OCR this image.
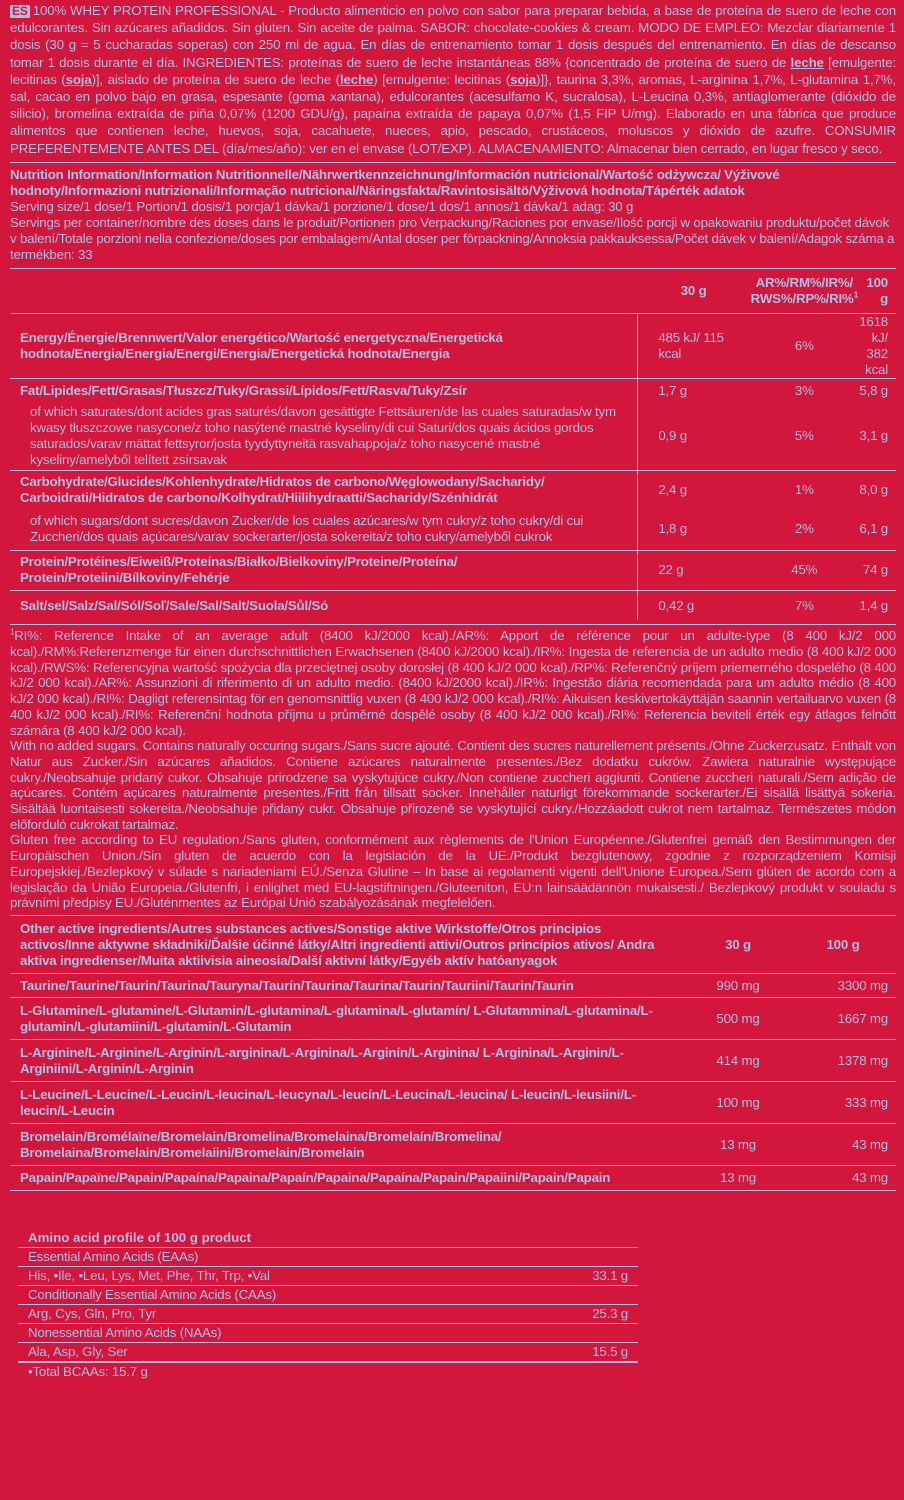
ES 100% WHEY PROTEIN PROFESSIONAL - Producto alimenticio en polvo con sabor para preparar bebida, a base de proteína de suero de leche con edulcorantes. Sin azúcares añadidos. Sin gluten. Sin aceite de palma. SABOR: chocolate-cookies & cream. MODO DE EMPLEO: Mezclar diariamente 1 dosis (30 g = 5 cucharadas soperas) con 250 ml de agua. En días de entrenamiento tomar 1 dosis después del entrenamiento. En días de descanso tomar 1 dosis durante el día. INGREDIENTES: proteínas de suero de leche instantáneas 88% {concentrado de proteína de suero de leche [emulgente: lecitinas (soja)], aislado de proteína de suero de leche (leche) [emulgente: lecitinas (soja)]}, taurina 3,3%, aromas, L-arginina 1,7%, L-glutamina 1,7%, sal, cacao en polvo bajo en grasa, espesante (goma xantana), edulcorantes (acesulfamo K, sucralosa), L-Leucina 0,3%, antiaglomerante (dióxido de silicio), bromelina extraída de piña 0,07% (1200 GDU/g), papaína extraída de papaya 0,07% (1,5 FIP U/mg). Elaborado en una fábrica que produce alimentos que contienen leche, huevos, soja, cacahuete, nueces, apio, pescado, crustáceos, moluscos y dióxido de azufre. CONSUMIR PREFERENTEMENTE ANTES DEL (día/mes/año): ver en el envase (LOT/EXP). ALMACENAMIENTO: Almacenar bien cerrado, en lugar fresco y seco.
Nutrition Information/Information Nutritionnelle/Nährwertkennzeichnung/Información nutricional/Wartość odżywcza/ Výživové hodnoty/Informazioni nutrizionali/Informação nutricional/Näringsfakta/Ravintosisältö/Výživová hodnota/Tápérték adatok
Serving size/1 dose/1 Portion/1 dosis/1 porcja/1 dávka/1 porzione/1 dose/1 dos/1 annos/1 dávka/1 adag: 30 g
Servings per container/nombre des doses dans le produit/Portionen pro Verpackung/Raciones por envase/Ilość porcji w opakowaniu produktu/počet dávok v balení/Totale porzioni nella confezione/doses por embalagem/Antal doser per förpackning/Annoksia pakkauksessa/Počet dávek v balení/Adagok száma a termékben: 33
	30 g	AR%/RM%/IR%/ RWS%/RP%/RI%$^1$	100 g
Energy/Énergie/Brennwert/Valor energético/Wartość energetyczna/Energetická hodnota/Energia/Energia/Energi/Energia/Energetická hodnota/Energia	485 kJ/ 115 kcal	6%	1618 kJ/ 382 kcal
Fat/Lipides/Fett/Grasas/Tłuszcz/Tuky/Grassi/Lípidos/Fett/Rasva/Tuky/Zsír	1,7 g	3%	5,8 g
of which saturates/dont acides gras saturés/davon gesättigte Fettsäuren/de las cuales saturadas/w tym kwasy tłuszczowe nasycone/z toho nasýtené mastné kyseliny/di cui Saturi/dos quais ácidos gordos saturados/varav mättat fettsyror/josta tyydyttyneitä rasvahappoja/z toho nasycené mastné kyseliny/amelyből telített zsírsavak	0,9 g	5%	3,1 g
Carbohydrate/Glucides/Kohlenhydrate/Hidratos de carbono/Węglowodany/Sacharidy/ Carboidrati/Hidratos de carbono/Kolhydrat/Hiilihydraatti/Sacharidy/Szénhidrát	2,4 g	1%	8,0 g
of which sugars/dont sucres/davon Zucker/de los cuales azúcares/w tym cukry/z toho cukry/di cui Zuccheri/dos quais açúcares/varav sockerarter/josta sokereita/z toho cukry/amelyből cukrok	1,8 g	2%	6,1 g
Protein/Protéines/Eiweiß/Proteínas/Białko/Bielkoviny/Proteine/Proteína/ Protein/Proteiini/Bílkoviny/Fehérje	22 g	45%	74 g
Salt/sel/Salz/Sal/Sól/Soľ/Sale/Sal/Salt/Suola/Sůl/Só	0,42 g	7%	1,4 g
$^1$RI%: Reference Intake of an average adult (8400 kJ/2000 kcal)./AR%: Apport de référence pour un adulte-type (8 400 kJ/2 000 kcal)./RM%:Referenzmenge für einen durchschnittlichen Erwachsenen (8400 kJ/2000 kcal)./IR%: Ingesta de referencia de un adulto medio (8 400 kJ/2 000 kcal)./RWS%: Referencyjna wartość spożycia dla przeciętnej osoby dorosłej (8 400 kJ/2 000 kcal)./RP%: Referenčný príjem priemerného dospelého (8 400 kJ/2 000 kcal)./AR%: Assunzioni di riferimento di un adulto medio. (8400 kJ/2000 kcal)./IR%: Ingestão diária recomendada para um adulto médio (8 400 kJ/2 000 kcal)./RI%: Dagligt referensintag för en genomsnittlig vuxen (8 400 kJ/2 000 kcal)./RI%: Aikuisen keskivertokäyttäjän saannin vertailuarvo vuxen (8 400 kJ/2 000 kcal)./RI%: Referenční hodnota příjmu u průměrné dospělé osoby (8 400 kJ/2 000 kcal)./RI%: Referencia beviteli érték egy átlagos felnőtt számára (8 400 kJ/2 000 kcal).
With no added sugars. Contains naturally occuring sugars./Sans sucre ajouté. Contient des sucres naturellement présents./Ohne Zuckerzusatz. Enthält von Natur aus Zucker./Sin azúcares añadidos. Contiene azúcares naturalmente presentes./Bez dodatku cukrów. Zawiera naturalnie występujące cukry./Neobsahuje pridaný cukor. Obsahuje prirodzene sa vyskytujúce cukry./Non contiene zuccheri aggiunti. Contiene zuccheri naturali./Sem adição de açúcares. Contém açúcares naturalmente presentes./Fritt från tillsatt socker. Innehåller naturligt förekommande sockerarter./Ei sisällä lisättyä sokeria. Sisältää luontaisesti sokereita./Neobsahuje přidaný cukr. Obsahuje přirozeně se vyskytující cukry./Hozzáadott cukrot nem tartalmaz. Természetes módon előforduló cukrokat tartalmaz.
Gluten free according to EU regulation./Sans gluten, conformément aux règlements de l'Union Européenne./Glutenfrei gemäß den Bestimmungen der Europäischen Union./Sin gluten de acuerdo con la legislación de la UE./Produkt bezglutenowy, zgodnie z rozporządzeniem Komisji Europejskiej./Bezlepkový v súlade s nariadeniami EÚ./Senza Glutine – In base ai regolamenti vigenti dell'Unione Europea./Sem glúten de acordo com a legislação da União Europeia./Glutenfri, i enlighet med EU-lagstiftningen./Gluteeniton, EU:n lainsäädännön mukaisesti./ Bezlepkový produkt v souladu s právními předpisy EU./Gluténmentes az Európai Unió szabályozásának megfelelően.
Other active ingredients/Autres substances actives/Sonstige aktive Wirkstoffe/Otros principios activos/Inne aktywne składniki/Ďalšie účinné látky/Altri ingredienti attivi/Outros princípios ativos/ Andra aktiva ingredienser/Muita aktiivisia aineosia/Další aktivní látky/Egyéb aktív hatóanyagok	30 g	100 g
Taurine/Taurine/Taurin/Taurina/Tauryna/Taurín/Taurina/Taurina/Taurin/Tauriini/Taurin/Taurin	990 mg	3300 mg
L-Glutamine/L-glutamine/L-Glutamin/L-glutamina/L-glutamina/L-glutamín/ L-Glutammina/L-glutamina/L-glutamin/L-glutamiini/L-glutamin/L-Glutamin	500 mg	1667 mg
L-Arginine/L-Arginine/L-Arginin/L-arginina/L-Arginina/L-Arginín/L-Arginina/ L-Arginina/L-Arginin/L-Arginiini/L-Arginin/L-Arginin	414 mg	1378 mg
L-Leucine/L-Leucine/L-Leucin/L-leucina/L-leucyna/L-leucín/L-Leucina/L-leucina/ L-leucin/L-leusiini/L-leucin/L-Leucin	100 mg	333 mg
Bromelain/Bromélaïne/Bromelain/Bromelina/Bromelaina/Bromelaín/Bromelina/ Bromelaina/Bromelain/Bromelaiini/Bromelain/Bromelain	13 mg	43 mg
Papain/Papaïne/Papain/Papaína/Papaina/Papaín/Papaina/Papaína/Papain/Papaiini/Papain/Papain	13 mg	43 mg
Amino acid profile of 100 g product
Essential Amino Acids (EAAs)
His, •Ile, •Leu, Lys, Met, Phe, Thr, Trp, •Val	33.1 g
Conditionally Essential Amino Acids (CAAs)
Arg, Cys, Gln, Pro, Tyr	25.3 g
Nonessential Amino Acids (NAAs)
Ala, Asp, Gly, Ser	15.5 g
•Total BCAAs: 15.7 g
